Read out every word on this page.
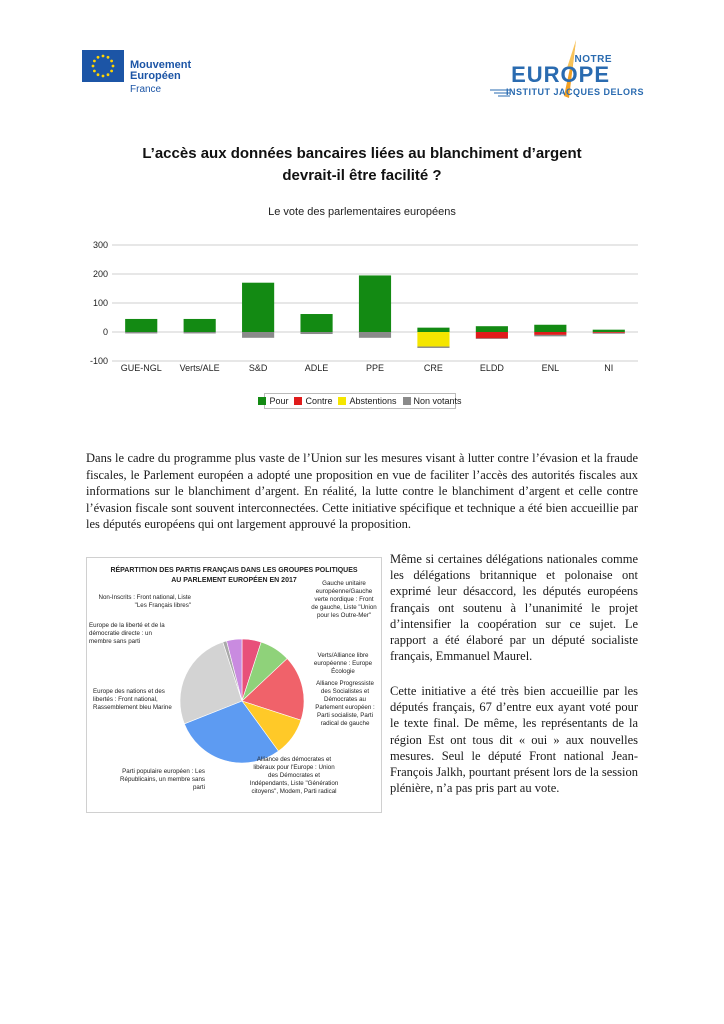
Mouvement
Européen
France
NOTRE
EUROPE
INSTITUT JACQUES DELORS
L’accès aux données bancaires liées au blanchiment d’argent
devrait-il être facilité ?
Le vote des parlementaires européens
-100
0
100
200
300
GUE-NGL Verts/ALE	S&D	ADLE	PPE	CRE	ELDD	ENL	NI
Pour Contre Abstentions Non votants
Dans le cadre du programme plus vaste de l’Union sur les mesures visant à lutter contre l’évasion et la fraude fiscales, le Parlement européen a adopté une proposition en vue de faciliter l’accès des autorités fiscales aux informations sur le blanchiment d’argent. En réalité, la lutte contre le blanchiment d’argent et celle contre l’évasion fiscale sont souvent interconnectées. Cette initiative spécifique et technique a été bien accueillie par les députés européens qui ont largement approuvé la proposition.
RÉPARTITION DES PARTIS FRANÇAIS DANS LES GROUPES POLITIQUES
AU PARLEMENT EUROPÉEN EN 2017
Non-Inscrits : Front national, Liste "Les Français libres"
Europe de la liberté et de la démocratie directe : un membre sans parti
Europe des nations et des libertés : Front national, Rassemblement bleu Marine
Parti populaire européen : Les Républicains, un membre sans parti
Alliance des démocrates et libéraux pour l'Europe : Union des Démocrates et Indépendants, Liste "Génération citoyens", Modem, Parti radical
Alliance Progressiste des Socialistes et Démocrates au Parlement européen : Parti socialiste, Parti radical de gauche
Verts/Alliance libre européenne : Europe Écologie
Gauche unitaire européenne/Gauche verte nordique : Front de gauche, Liste "Union pour les Outre-Mer"
Même si certaines délégations nationales comme les délégations britannique et polonaise ont exprimé leur désaccord, les députés européens français ont soutenu à l’unanimité le projet d’intensifier la coopération sur ce sujet. Le rapport a été élaboré par un député socialiste français, Emmanuel Maurel.
Cette initiative a été très bien accueillie par les députés français, 67 d’entre eux ayant voté pour le texte final. De même, les représentants de la région Est ont tous dit « oui » aux nouvelles mesures. Seul le député Front national Jean-François Jalkh, pourtant présent lors de la session plénière, n’a pas pris part au vote.
